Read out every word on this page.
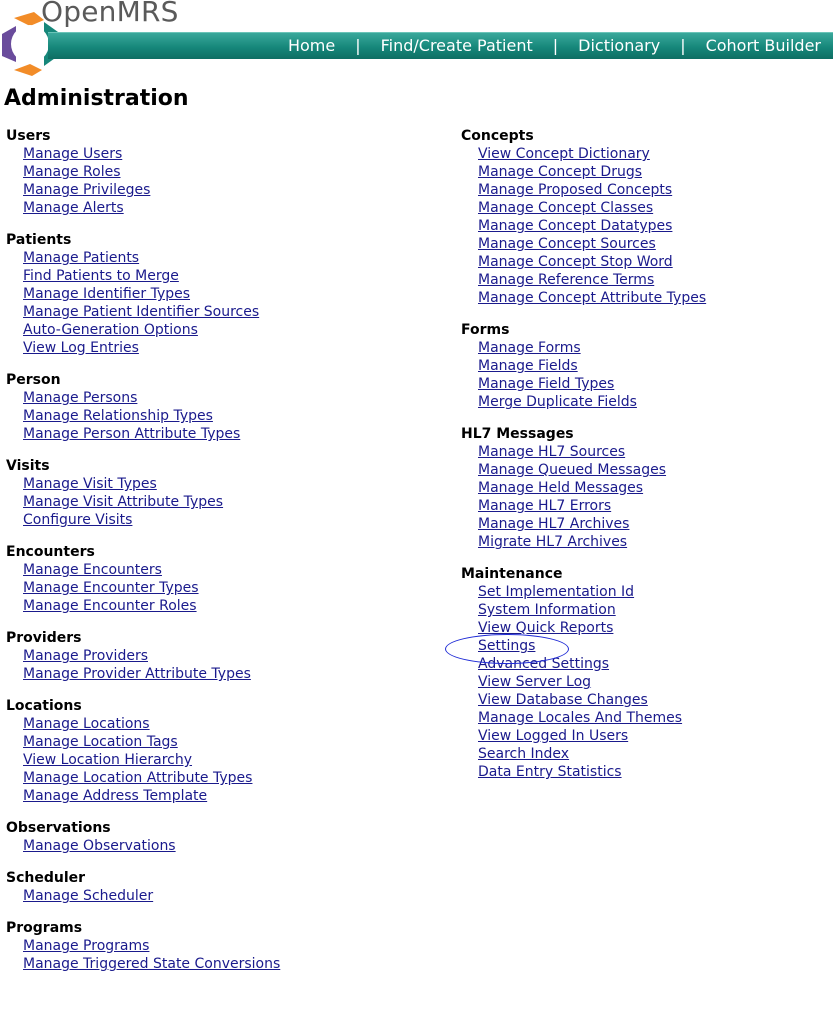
OpenMRS
Home | Find/Create Patient | Dictionary | Cohort Builder
Administration
Users
Manage Users
Manage Roles
Manage Privileges
Manage Alerts
Patients
Manage Patients
Find Patients to Merge
Manage Identifier Types
Manage Patient Identifier Sources
Auto-Generation Options
View Log Entries
Person
Manage Persons
Manage Relationship Types
Manage Person Attribute Types
Visits
Manage Visit Types
Manage Visit Attribute Types
Configure Visits
Encounters
Manage Encounters
Manage Encounter Types
Manage Encounter Roles
Providers
Manage Providers
Manage Provider Attribute Types
Locations
Manage Locations
Manage Location Tags
View Location Hierarchy
Manage Location Attribute Types
Manage Address Template
Observations
Manage Observations
Scheduler
Manage Scheduler
Programs
Manage Programs
Manage Triggered State Conversions
Concepts
View Concept Dictionary
Manage Concept Drugs
Manage Proposed Concepts
Manage Concept Classes
Manage Concept Datatypes
Manage Concept Sources
Manage Concept Stop Word
Manage Reference Terms
Manage Concept Attribute Types
Forms
Manage Forms
Manage Fields
Manage Field Types
Merge Duplicate Fields
HL7 Messages
Manage HL7 Sources
Manage Queued Messages
Manage Held Messages
Manage HL7 Errors
Manage HL7 Archives
Migrate HL7 Archives
Maintenance
Set Implementation Id
System Information
View Quick Reports
Settings
Advanced Settings
View Server Log
View Database Changes
Manage Locales And Themes
View Logged In Users
Search Index
Data Entry Statistics
